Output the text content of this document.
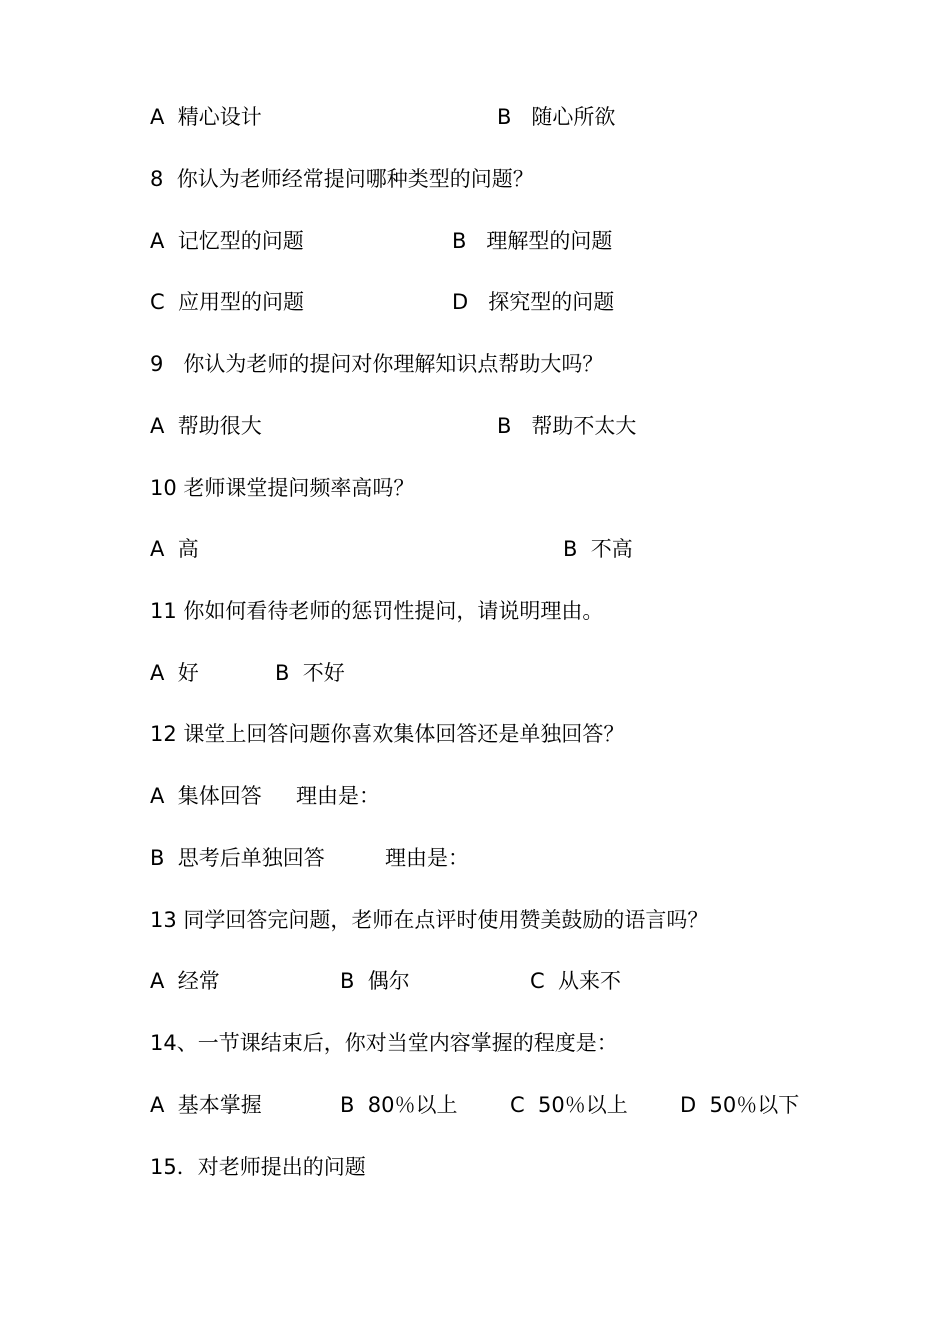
A  精心设计

	B   随心所欲

8  你认为老师经常提问哪种类型的问题？

A  记忆型的问题

	B   理解型的问题

C  应用型的问题

	D   探究型的问题

9   你认为老师的提问对你理解知识点帮助大吗？

A  帮助很大

	B   帮助不太大

10 老师课堂提问频率高吗？

A  高

	B  不高

11 你如何看待老师的惩罚性提问，请说明理由。

A  好

	B  不好

12 课堂上回答问题你喜欢集体回答还是单独回答？

A  集体回答

理由是：

B  思考后单独回答

	理由是：

13 同学回答完问题，老师在点评时使用赞美鼓励的语言吗？

A  经常

	B  偶尔

	C  从来不

14、一节课结束后，你对当堂内容掌握的程度是：

A  基本掌握

	B  80％以上

	C  50％以上

D  50％以下

15．对老师提出的问题
